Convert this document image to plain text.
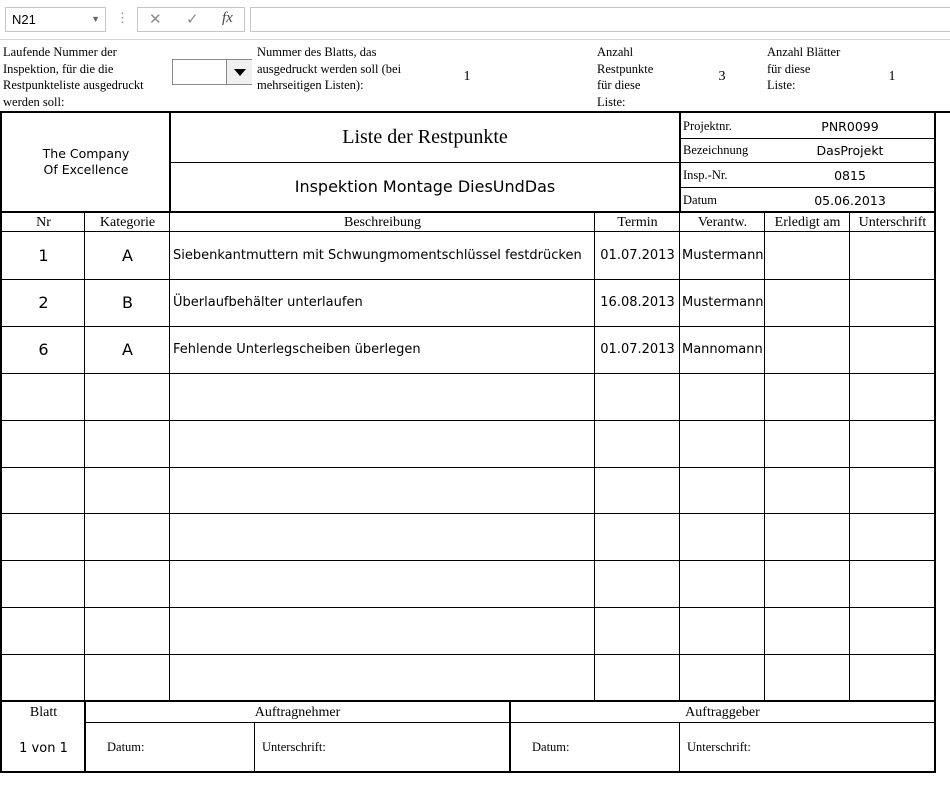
N21	▼ ⋮ ✕ ✓ fx
Laufende Nummer der
Inspektion, für die die
Restpunkteliste ausgedruckt
werden soll:
Nummer des Blatts, das
ausgedruckt werden soll (bei
mehrseitigen Listen):
1
Anzahl
Restpunkte
für diese
Liste:
3
Anzahl Blätter
für diese
Liste:
1
The Company
Of Excellence
Liste der Restpunkte
Inspektion Montage DiesUndDas
Projektnr.	PNR0099
Bezeichnung	DasProjekt
Insp.-Nr.	0815
Datum	05.06.2013
Nr	Kategorie	Beschreibung	Termin	Verantw.	Erledigt am	Unterschrift
1	A	Siebenkantmuttern mit Schwungmomentschlüssel festdrücken	01.07.2013 Mustermann
2	B	Überlaufbehälter unterlaufen	16.08.2013 Mustermann
6	A	Fehlende Unterlegscheiben überlegen	01.07.2013 Mannomann
Blatt
1 von 1
Auftragnehmer	Auftraggeber
Datum:	Unterschrift:	Datum:	Unterschrift:
